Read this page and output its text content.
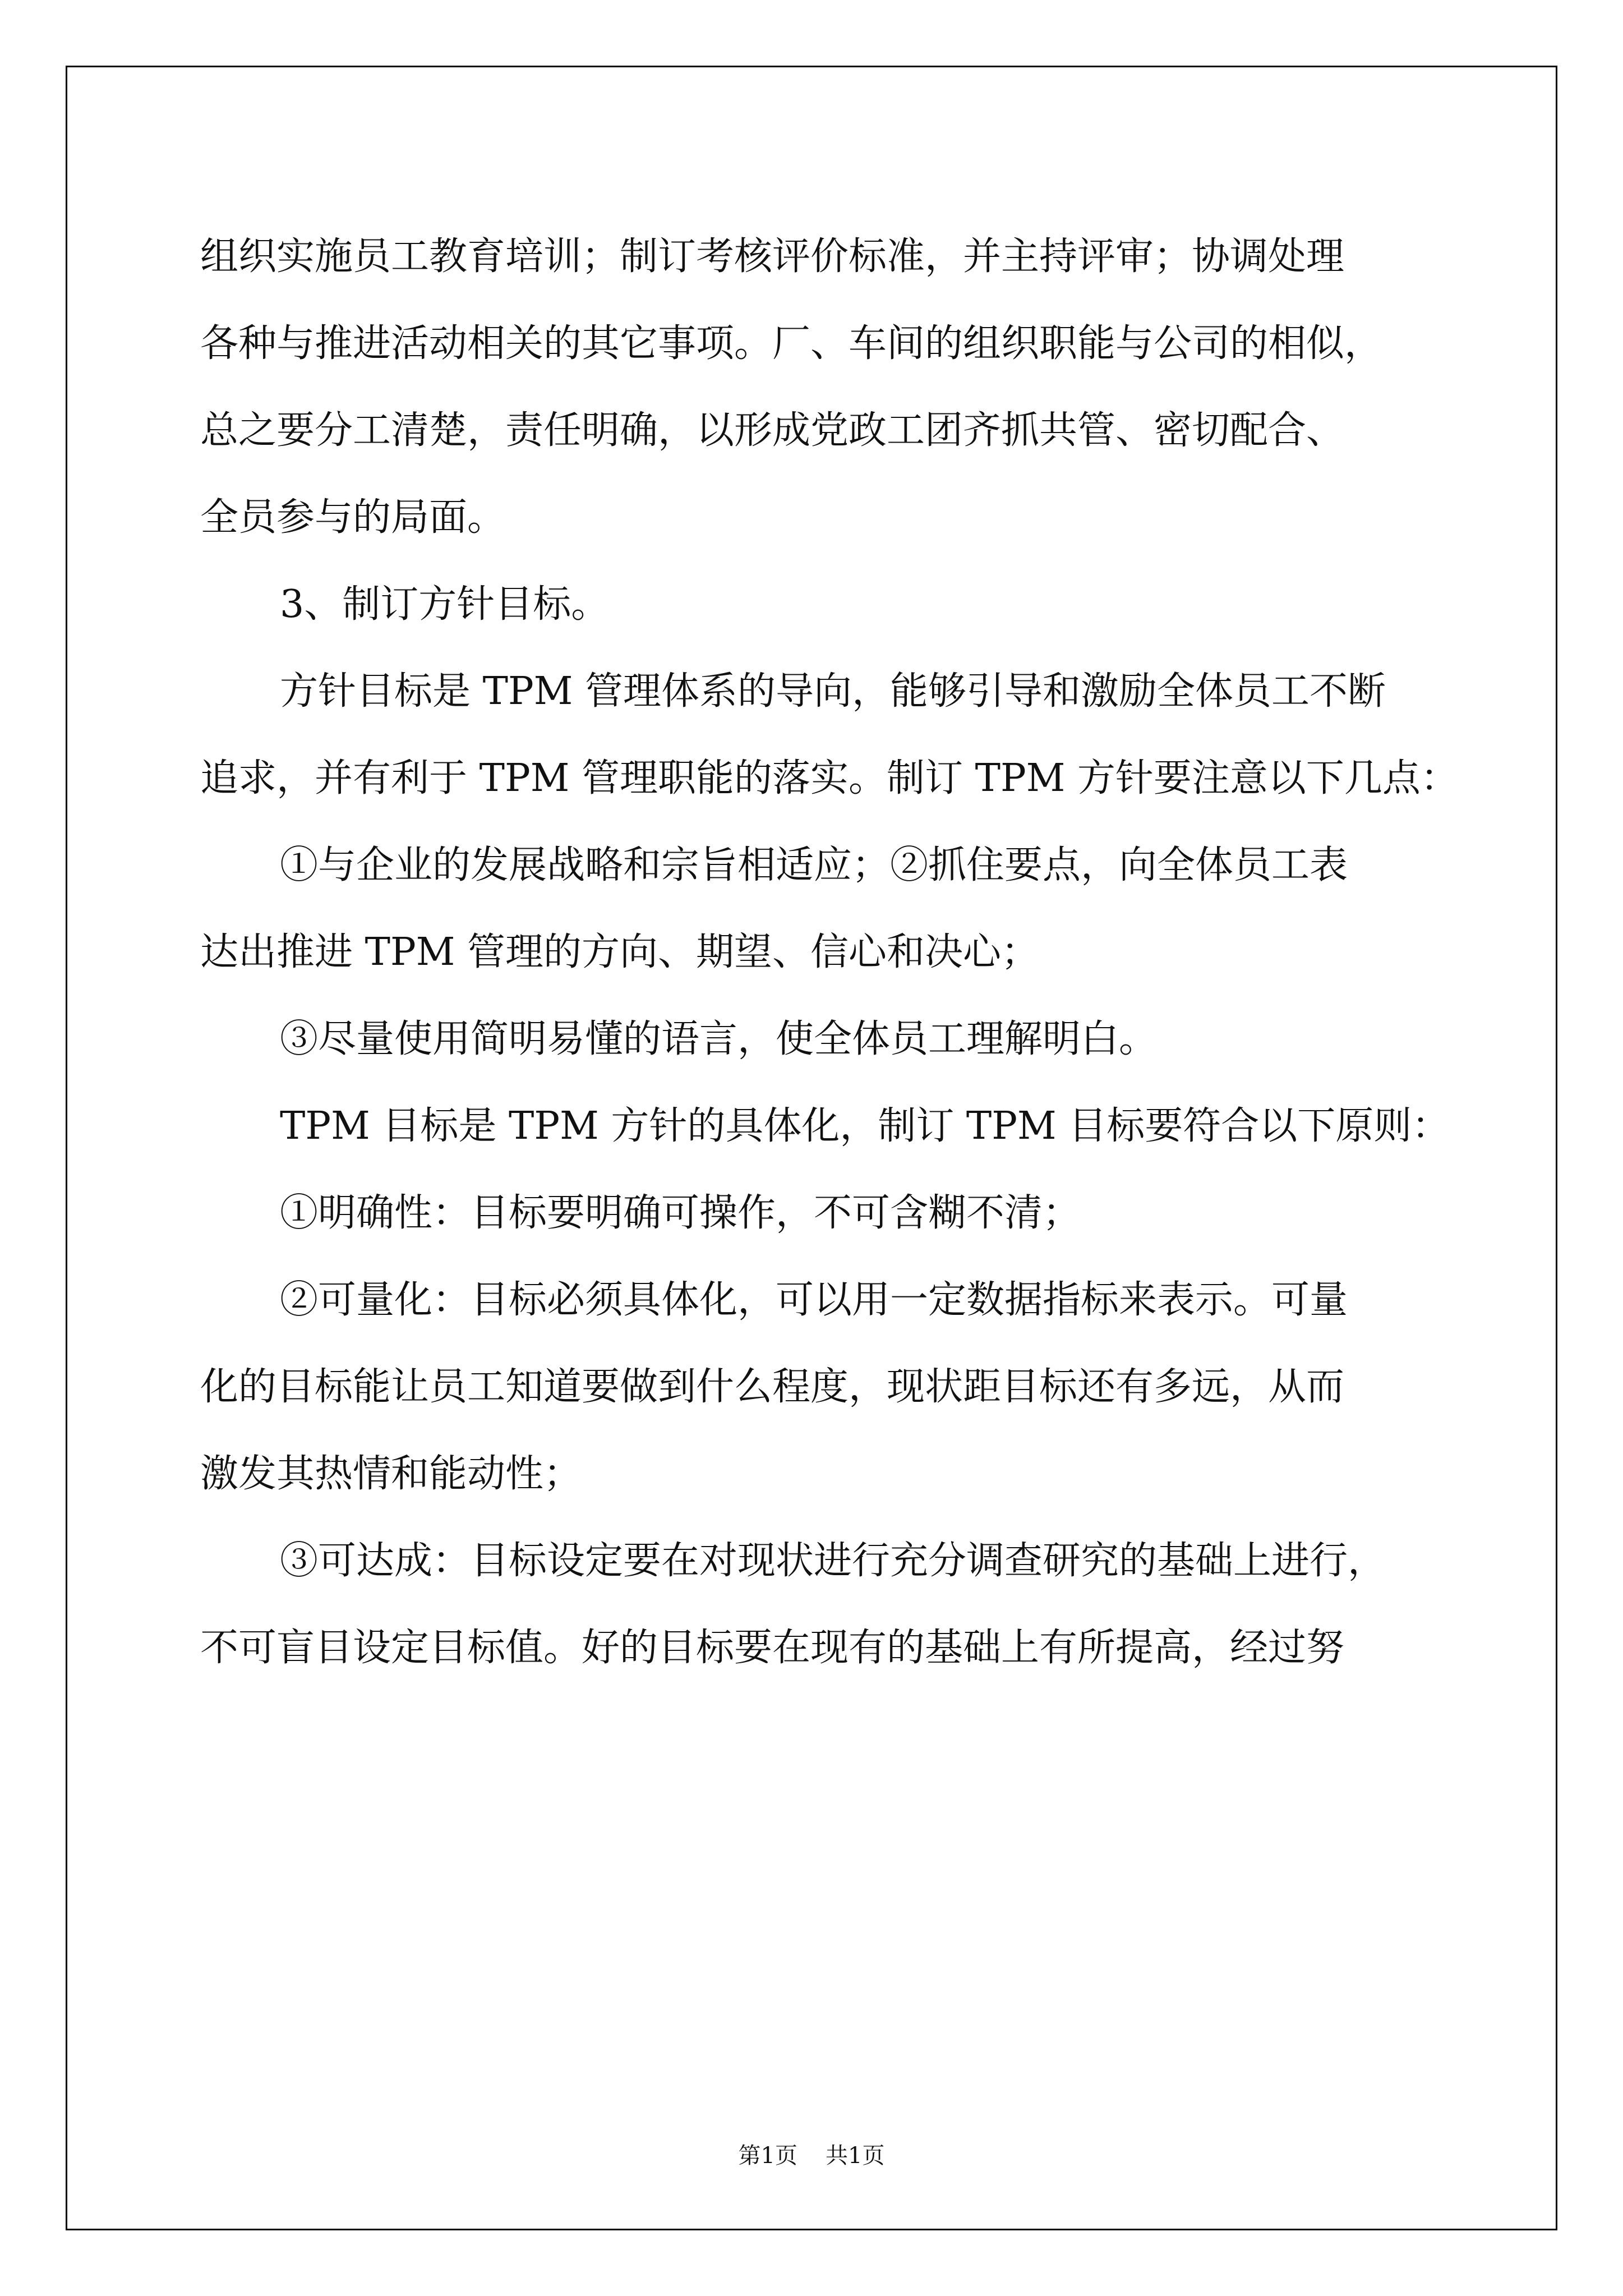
组织实施员工教育培训；制订考核评价标准，并主持评审；协调处理
各种与推进活动相关的其它事项。厂、车间的组织职能与公司的相似，
总之要分工清楚，责任明确，以形成党政工团齐抓共管、密切配合、
全员参与的局面。
3、制订方针目标。
方针目标是 TPM 管理体系的导向，能够引导和激励全体员工不断
追求，并有利于 TPM 管理职能的落实。制订 TPM 方针要注意以下几点：
①与企业的发展战略和宗旨相适应；②抓住要点，向全体员工表
达出推进 TPM 管理的方向、期望、信心和决心；
③尽量使用简明易懂的语言，使全体员工理解明白。
TPM 目标是 TPM 方针的具体化，制订 TPM 目标要符合以下原则：
①明确性：目标要明确可操作，不可含糊不清；
②可量化：目标必须具体化，可以用一定数据指标来表示。可量
化的目标能让员工知道要做到什么程度，现状距目标还有多远，从而
激发其热情和能动性；
③可达成：目标设定要在对现状进行充分调查研究的基础上进行，
不可盲目设定目标值。好的目标要在现有的基础上有所提高，经过努
第1页 共1页
